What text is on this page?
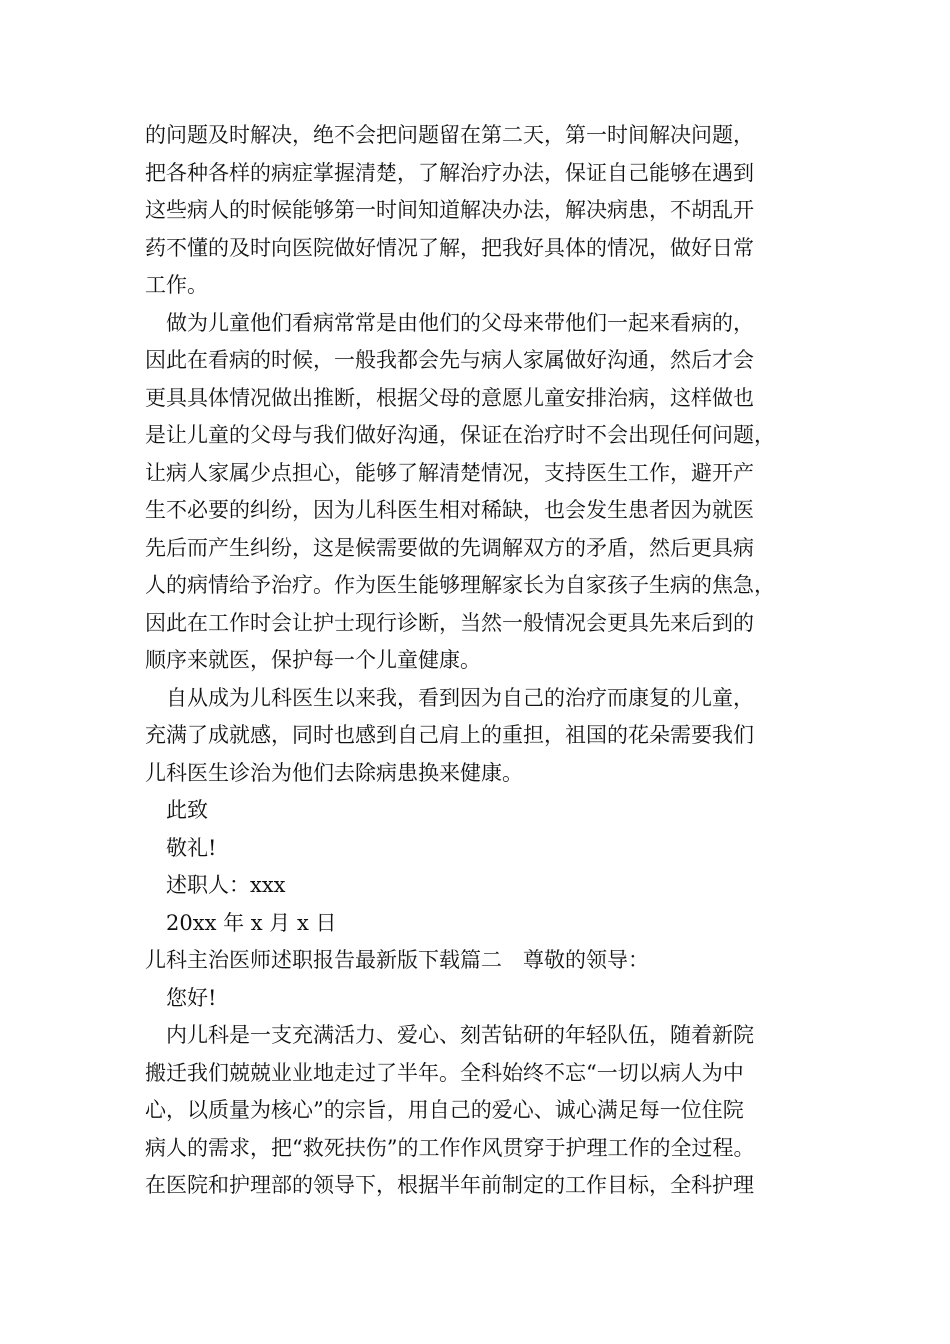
的问题及时解决，绝不会把问题留在第二天，第一时间解决问题，
把各种各样的病症掌握清楚，了解治疗办法，保证自己能够在遇到
这些病人的时候能够第一时间知道解决办法，解决病患，不胡乱开
药不懂的及时向医院做好情况了解，把我好具体的情况，做好日常
工作。
做为儿童他们看病常常是由他们的父母来带他们一起来看病的，
因此在看病的时候，一般我都会先与病人家属做好沟通，然后才会
更具具体情况做出推断，根据父母的意愿儿童安排治病，这样做也
是让儿童的父母与我们做好沟通，保证在治疗时不会出现任何问题，
让病人家属少点担心，能够了解清楚情况，支持医生工作，避开产
生不必要的纠纷，因为儿科医生相对稀缺，也会发生患者因为就医
先后而产生纠纷，这是候需要做的先调解双方的矛盾，然后更具病
人的病情给予治疗。作为医生能够理解家长为自家孩子生病的焦急，
因此在工作时会让护士现行诊断，当然一般情况会更具先来后到的
顺序来就医，保护每一个儿童健康。
自从成为儿科医生以来我，看到因为自己的治疗而康复的儿童，
充满了成就感，同时也感到自己肩上的重担，祖国的花朵需要我们
儿科医生诊治为他们去除病患换来健康。
此致
敬礼!
述职人：xxx
20xx 年 x 月 x 日
儿科主治医师述职报告最新版下载篇二　尊敬的领导：
您好!
内儿科是一支充满活力、爱心、刻苦钻研的年轻队伍，随着新院
搬迁我们兢兢业业地走过了半年。全科始终不忘“一切以病人为中
心，以质量为核心”的宗旨，用自己的爱心、诚心满足每一位住院
病人的需求，把“救死扶伤”的工作作风贯穿于护理工作的全过程。
在医院和护理部的领导下，根据半年前制定的工作目标，全科护理
